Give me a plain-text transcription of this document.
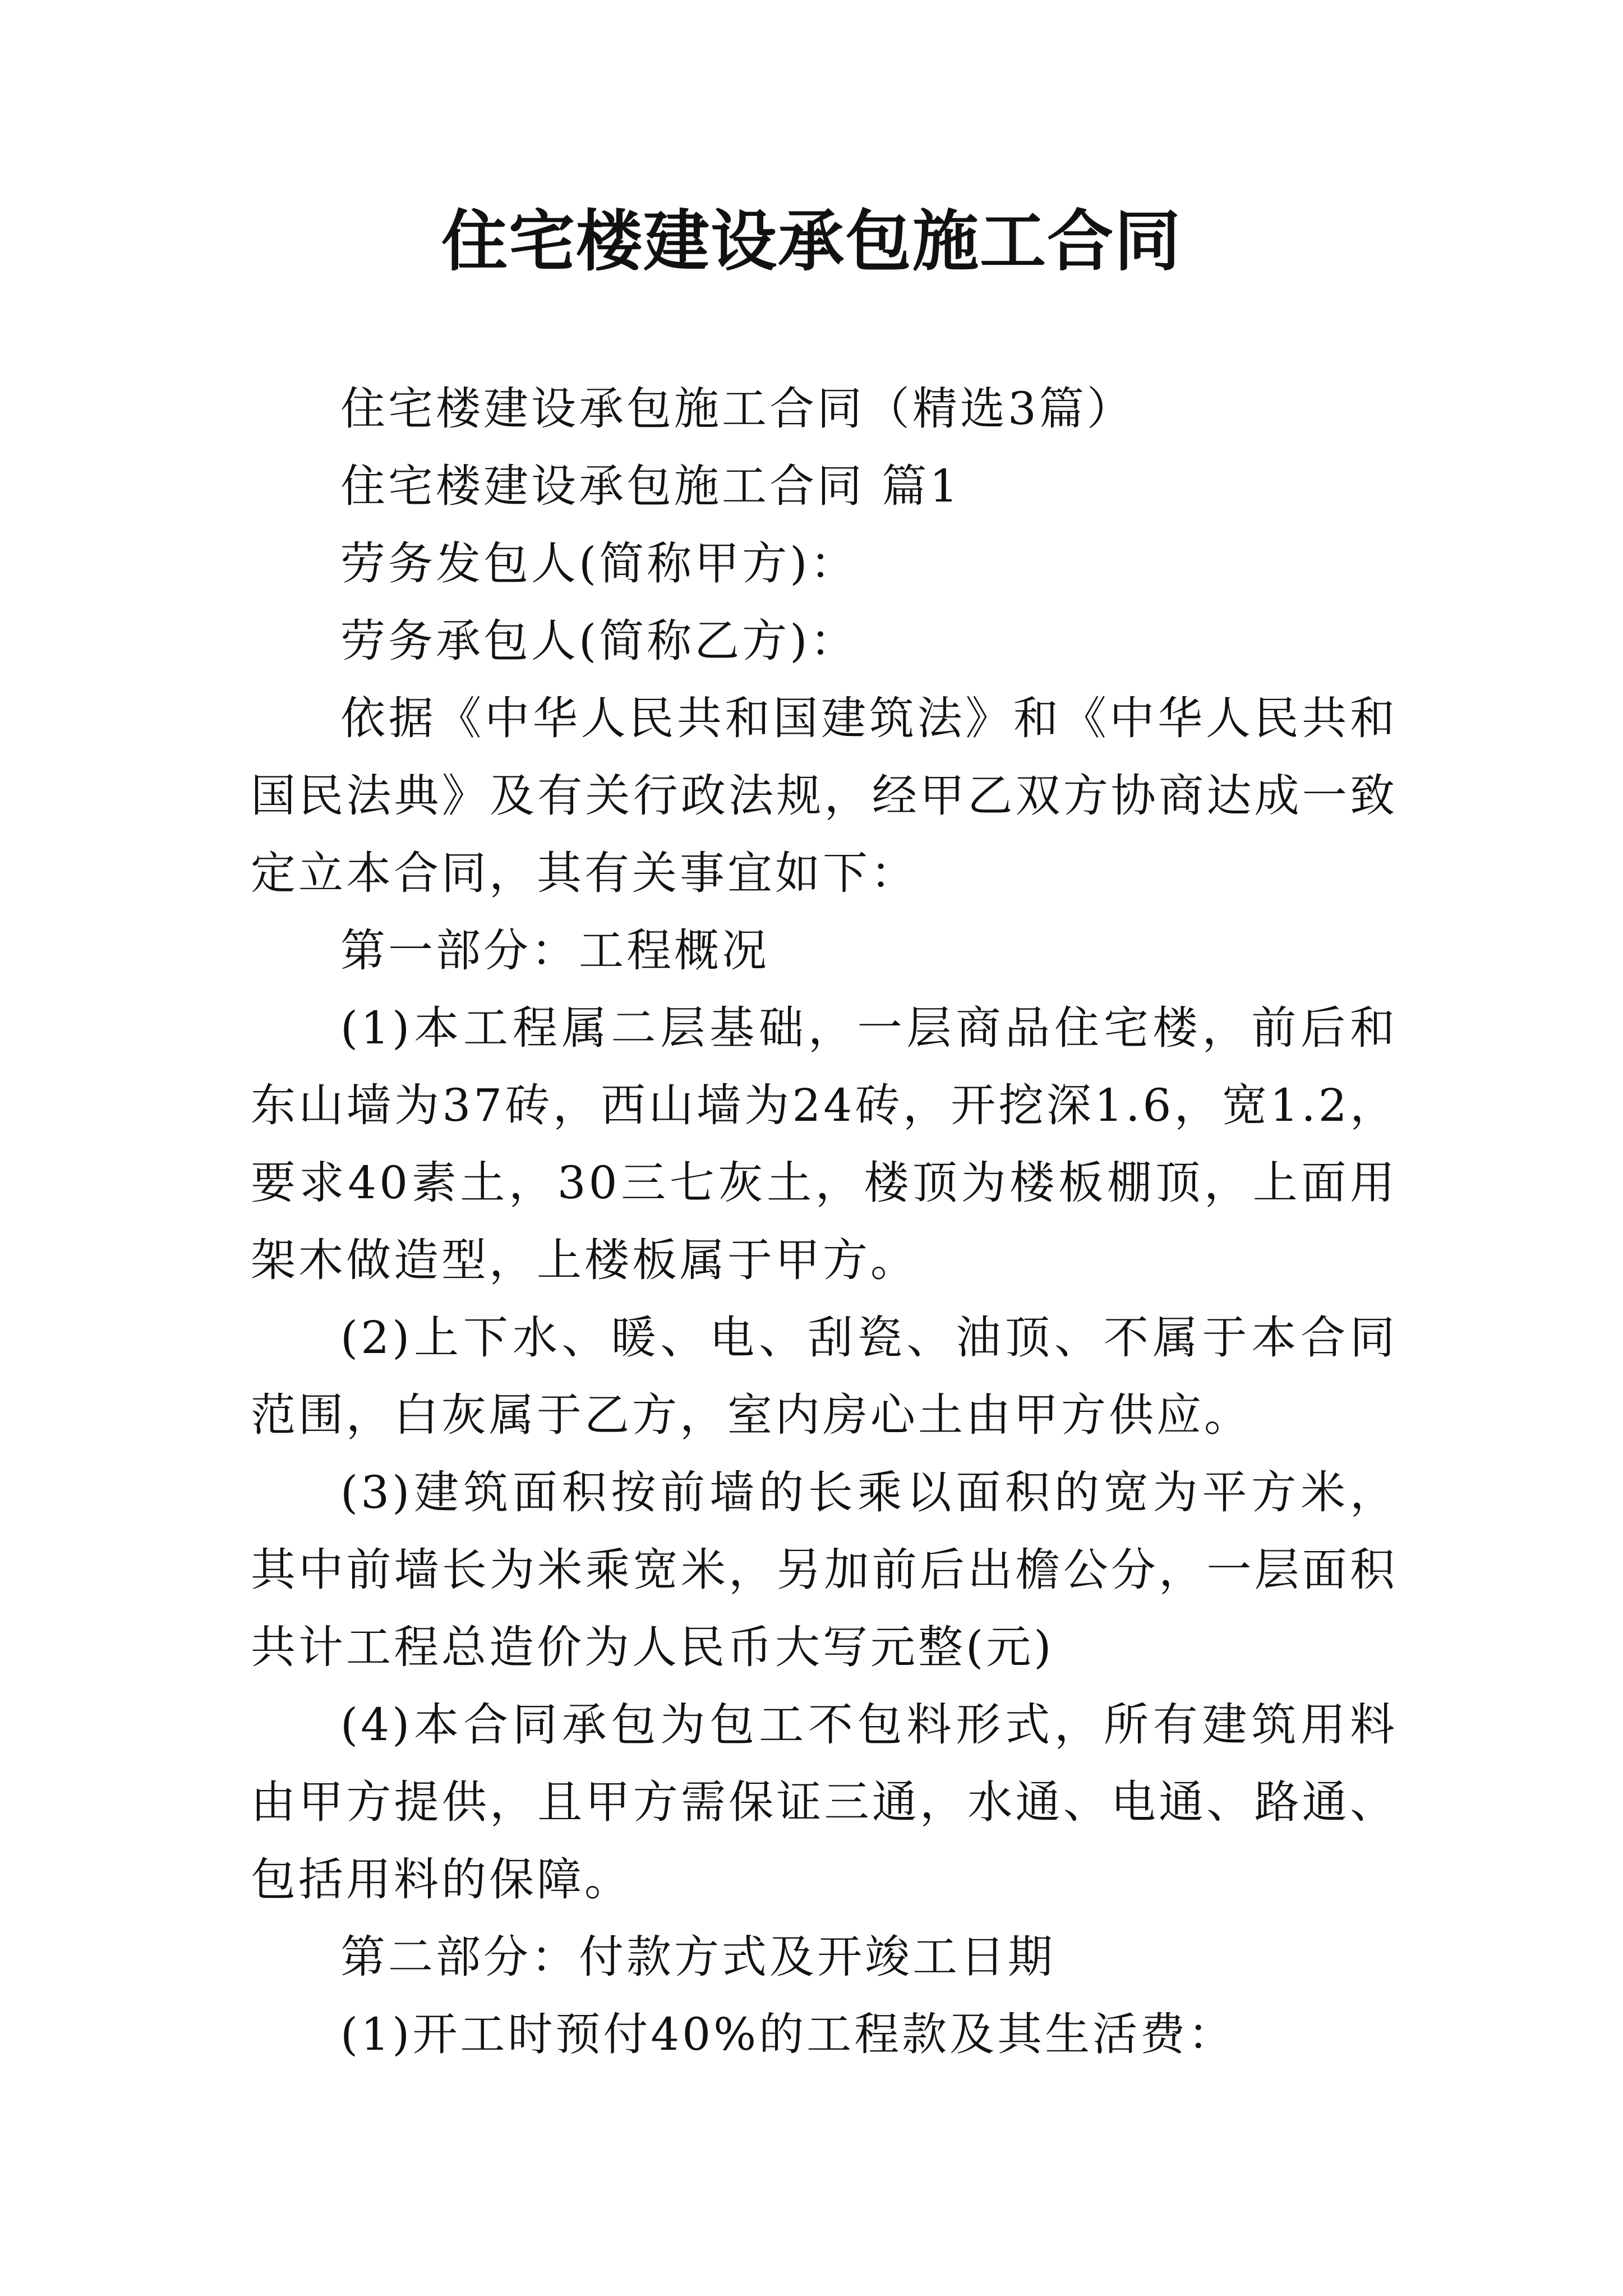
住宅楼建设承包施工合同

住宅楼建设承包施工合同（精选3篇）

住宅楼建设承包施工合同 篇1

劳务发包人(简称甲方)：

劳务承包人(简称乙方)：

依据《中华人民共和国建筑法》和《中华人民共和国民法典》及有关行政法规，经甲乙双方协商达成一致定立本合同，其有关事宜如下：

第一部分：工程概况

(1)本工程属二层基础，一层商品住宅楼，前后和东山墙为37砖，西山墙为24砖，开挖深1.6，宽1.2，要求40素土，30三七灰土，楼顶为楼板棚顶，上面用架木做造型，上楼板属于甲方。

(2)上下水、暖、电、刮瓷、油顶、不属于本合同范围，白灰属于乙方，室内房心土由甲方供应。

(3)建筑面积按前墙的长乘以面积的宽为平方米，其中前墙长为米乘宽米，另加前后出檐公分，一层面积共计工程总造价为人民币大写元整(元)

(4)本合同承包为包工不包料形式，所有建筑用料由甲方提供，且甲方需保证三通，水通、电通、路通、包括用料的保障。

第二部分：付款方式及开竣工日期

(1)开工时预付40%的工程款及其生活费：
